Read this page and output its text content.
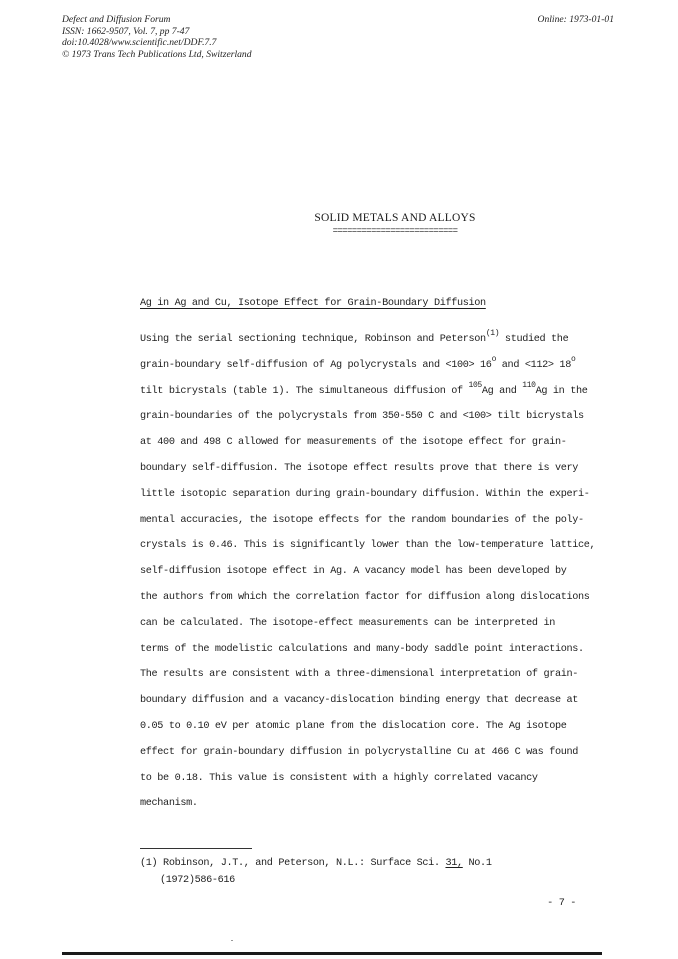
Defect and Diffusion Forum
ISSN: 1662-9507, Vol. 7, pp 7-47
doi:10.4028/www.scientific.net/DDF.7.7
© 1973 Trans Tech Publications Ltd, Switzerland
Online: 1973-01-01
SOLID METALS AND ALLOYS
==========================
Ag in Ag and Cu, Isotope Effect for Grain-Boundary Diffusion
Using the serial sectioning technique, Robinson and Peterson$^{(1)}$ studied the
grain-boundary self-diffusion of Ag polycrystals and $<100> 16^o$ and $<112> 18^o$
tilt bicrystals (table 1). The simultaneous diffusion of $^{105}$Ag and $^{110}$Ag in the
grain-boundaries of the polycrystals from 350-550 C and <100> tilt bicrystals
at 400 and 498 C allowed for measurements of the isotope effect for grain-
boundary self-diffusion. The isotope effect results prove that there is very
little isotopic separation during grain-boundary diffusion. Within the experi-
mental accuracies, the isotope effects for the random boundaries of the poly-
crystals is 0.46. This is significantly lower than the low-temperature lattice,
self-diffusion isotope effect in Ag. A vacancy model has been developed by
the authors from which the correlation factor for diffusion along dislocations
can be calculated. The isotope-effect measurements can be interpreted in
terms of the modelistic calculations and many-body saddle point interactions.
The results are consistent with a three-dimensional interpretation of grain-
boundary diffusion and a vacancy-dislocation binding energy that decrease at
0.05 to 0.10 eV per atomic plane from the dislocation core. The Ag isotope
effect for grain-boundary diffusion in polycrystalline Cu at 466 C was found
to be 0.18. This value is consistent with a highly correlated vacancy
mechanism.
(1) Robinson, J.T., and Peterson, N.L.: Surface Sci. 31, No.1
(1972)586-616
- 7 -
